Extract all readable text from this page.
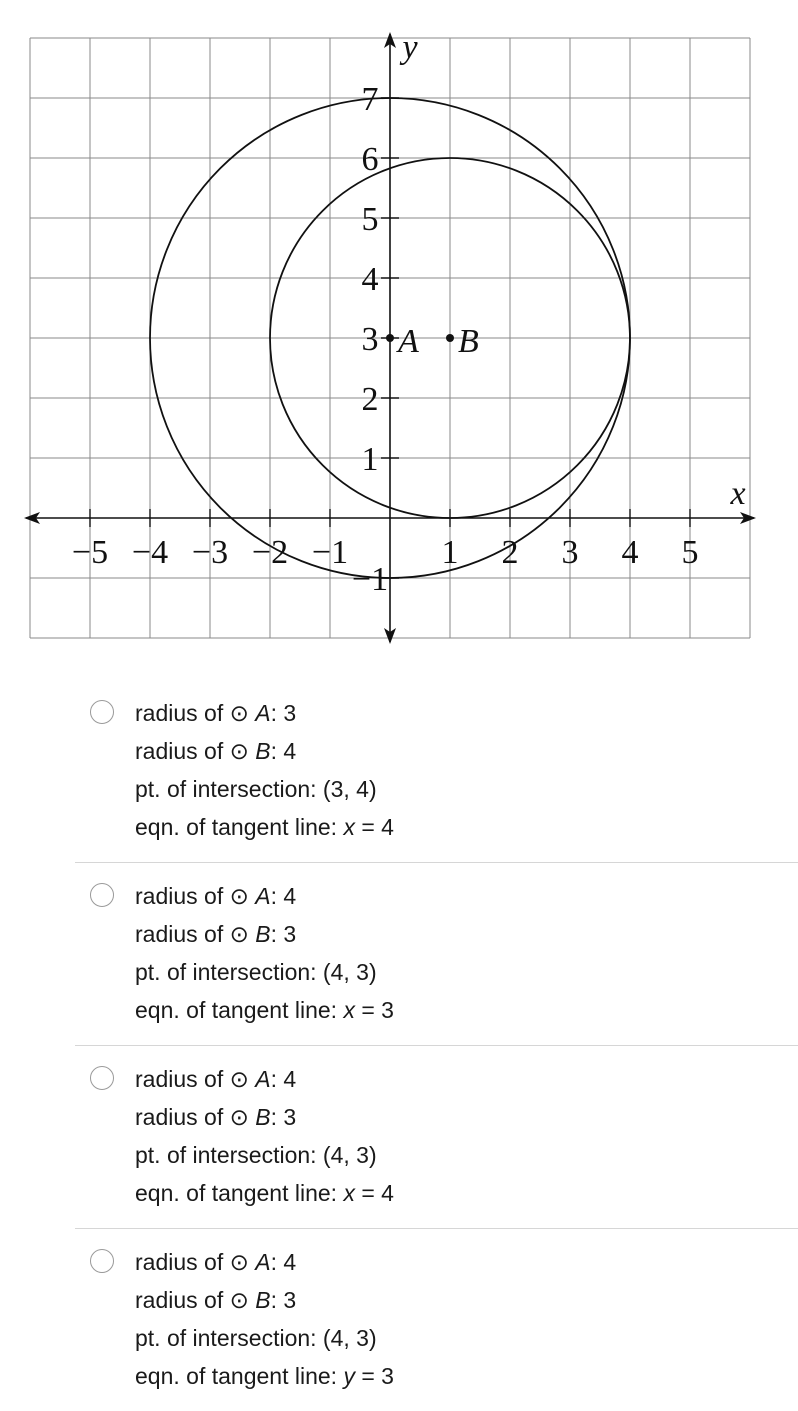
−5 −4 −3 −2 −1	1 2 3 4 5
−1
1
2
3
4
5
6
7
x
y
A B
radius of ⊙ A: 3
radius of ⊙ B: 4
pt. of intersection: (3, 4)
eqn. of tangent line: x = 4
radius of ⊙ A: 4
radius of ⊙ B: 3
pt. of intersection: (4, 3)
eqn. of tangent line: x = 3
radius of ⊙ A: 4
radius of ⊙ B: 3
pt. of intersection: (4, 3)
eqn. of tangent line: x = 4
radius of ⊙ A: 4
radius of ⊙ B: 3
pt. of intersection: (4, 3)
eqn. of tangent line: y = 3
